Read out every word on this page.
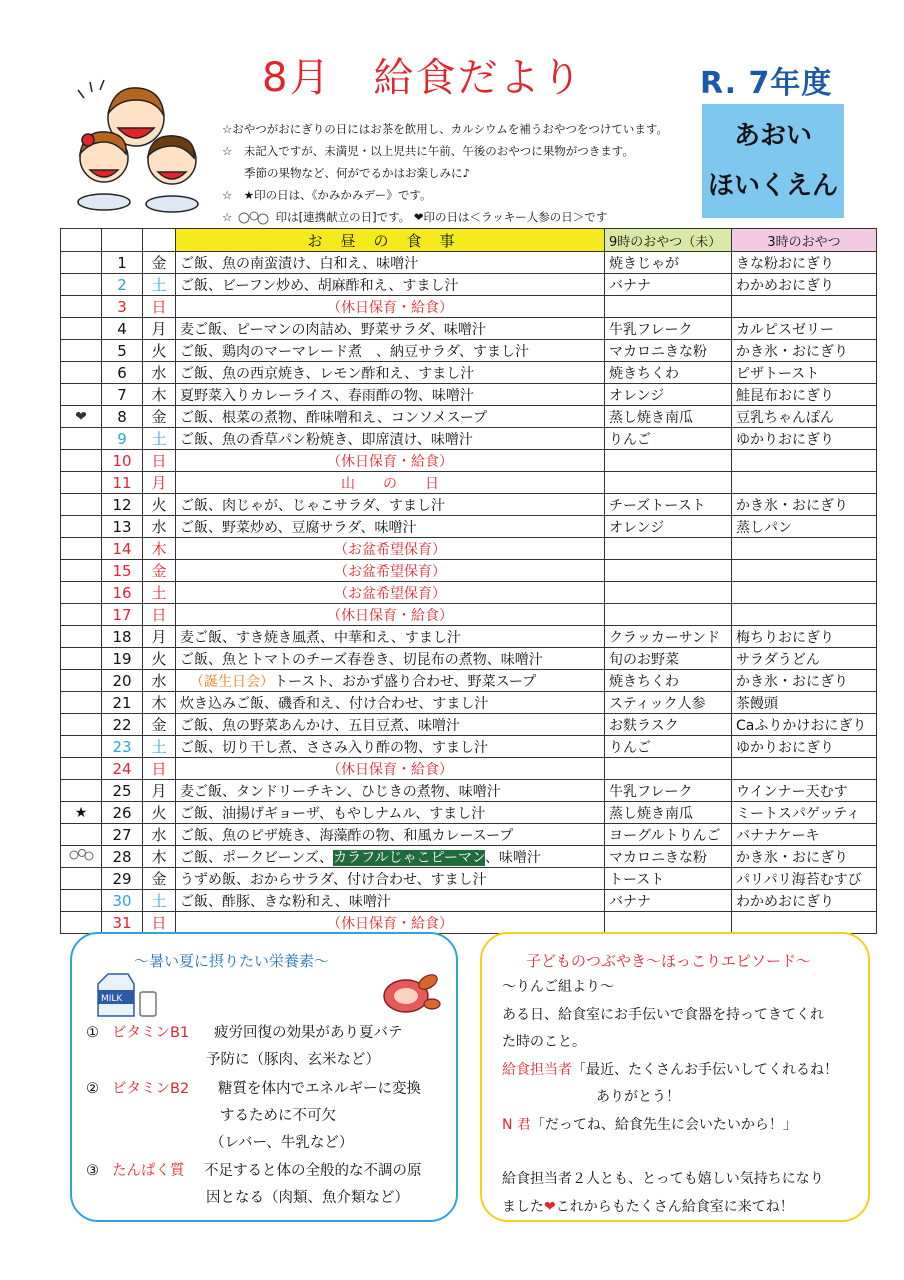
8月　給食だより	R. 7年度
あおい
ほいくえん
☆おやつがおにぎりの日にはお茶を飲用し、カルシウムを補うおやつをつけています。
☆　未記入ですが、未満児・以上児共に午前、午後のおやつに果物がつきます。
季節の果物など、何がでるかはお楽しみに♪
☆　★印の日は、《かみかみデー》です。
☆	印は[連携献立の日]です。 ❤印の日は＜ラッキー人参の日＞です
			お昼の食事	9時のおやつ（未）	3時のおやつ
	1	金	ご飯、魚の南蛮漬け、白和え、味噌汁	焼きじゃが	きな粉おにぎり
	2	土	ご飯、ビーフン炒め、胡麻酢和え、すまし汁	バナナ	わかめおにぎり
	3	日	（休日保育・給食）		
	4	月	麦ご飯、ピーマンの肉詰め、野菜サラダ、味噌汁	牛乳フレーク	カルピスゼリー
	5	火	ご飯、鶏肉のマーマレード煮　、納豆サラダ、すまし汁	マカロニきな粉	かき氷・おにぎり
	6	水	ご飯、魚の西京焼き、レモン酢和え、すまし汁	焼きちくわ	ピザトースト
	7	木	夏野菜入りカレーライス、春雨酢の物、味噌汁	オレンジ	鮭昆布おにぎり
❤	8	金	ご飯、根菜の煮物、酢味噌和え、コンソメスープ	蒸し焼き南瓜	豆乳ちゃんぽん
	9	土	ご飯、魚の香草パン粉焼き、即席漬け、味噌汁	りんご	ゆかりおにぎり
	10	日	（休日保育・給食）		
	11	月	山　　の　　日		
	12	火	ご飯、肉じゃが、じゃこサラダ、すまし汁	チーズトースト	かき氷・おにぎり
	13	水	ご飯、野菜炒め、豆腐サラダ、味噌汁	オレンジ	蒸しパン
	14	木	（お盆希望保育）		
	15	金	（お盆希望保育）		
	16	土	（お盆希望保育）		
	17	日	（休日保育・給食）		
	18	月	麦ご飯、すき焼き風煮、中華和え、すまし汁	クラッカーサンド	梅ちりおにぎり
	19	火	ご飯、魚とトマトのチーズ春巻き、切昆布の煮物、味噌汁	旬のお野菜	サラダうどん
	20	水	（誕生日会）トースト、おかず盛り合わせ、野菜スープ	焼きちくわ	かき氷・おにぎり
	21	木	炊き込みご飯、磯香和え、付け合わせ、すまし汁	スティック人参	茶饅頭
	22	金	ご飯、魚の野菜あんかけ、五目豆煮、味噌汁	お麩ラスク	Caふりかけおにぎり
	23	土	ご飯、切り干し煮、ささみ入り酢の物、すまし汁	りんご	ゆかりおにぎり
	24	日	（休日保育・給食）		
	25	月	麦ご飯、タンドリーチキン、ひじきの煮物、味噌汁	牛乳フレーク	ウインナー天むす
★	26	火	ご飯、油揚げギョーザ、もやしナムル、すまし汁	蒸し焼き南瓜	ミートスパゲッティ
	27	水	ご飯、魚のピザ焼き、海藻酢の物、和風カレースープ	ヨーグルトりんご	バナナケーキ
	28	木	ご飯、ポークビーンズ、カラフルじゃこピーマン、味噌汁	マカロニきな粉	かき氷・おにぎり
	29	金	うずめ飯、おからサラダ、付け合わせ、すまし汁	トースト	パリパリ海苔むすび
	30	土	ご飯、酢豚、きな粉和え、味噌汁	バナナ	わかめおにぎり
	31	日	（休日保育・給食）		
～暑い夏に摂りたい栄養素～
MILK
① ビタミンB1 疲労回復の効果があり夏バテ
予防に（豚肉、玄米など）
② ビタミンB2 糖質を体内でエネルギーに変換
するために不可欠
（レバー、牛乳など）
③ たんぱく質 不足すると体の全般的な不調の原
因となる（肉類、魚介類など）
子どものつぶやき～ほっこりエピソード～
～りんご組より～
ある日、給食室にお手伝いで食器を持ってきてくれ
た時のこと。
給食担当者「最近、たくさんお手伝いしてくれるね！
ありがとう！
N 君「だってね、給食先生に会いたいから！」
給食担当者２人とも、とっても嬉しい気持ちになり
ました❤これからもたくさん給食室に来てね！
